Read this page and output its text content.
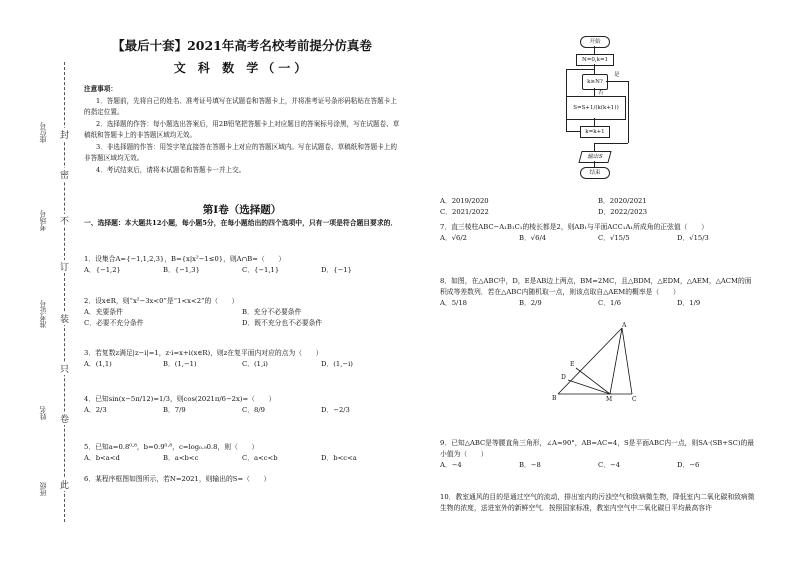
此
卷
只
装
订
不
密
封
座位号
考场号
准考证号
姓名
班级
【最后十套】2021年高考名校考前提分仿真卷
文 科 数 学（一）
注意事项：

1．答题前，先将自己的姓名、准考证号填写在试题卷和答题卡上，并将准考证号条形码粘贴在答题卡上的指定位置。

2．选择题的作答：每小题选出答案后，用2B铅笔把答题卡上对应题目的答案标号涂黑，写在试题卷、草稿纸和答题卡上的非答题区域均无效。

3．非选择题的作答：用签字笔直接答在答题卡上对应的答题区域内。写在试题卷、草稿纸和答题卡上的非答题区域均无效。

4．考试结束后，请将本试题卷和答题卡一并上交。

第Ⅰ卷（选择题）
一、选择题：本大题共12小题，每小题5分，在每小题给出的四个选项中，只有一项是符合题目要求的．
1．设集合A={−1,1,2,3}，B={x|x²−1≤0}，则A∩B=（　　）
A．{−1,2}	B．{−1,3}	C．{−1,1}	D．{−1}
2．设x∈R，则“x²−3x<0”是“1<x<2”的（　　）
A．充要条件	B．充分不必要条件
C．必要不充分条件	D．既不充分也不必要条件
3．若复数z满足|z−i|=1，z·i=x+i(x∈R)，则z在复平面内对应的点为（　　）
A．(1,1)	B．(1,−1)	C．(1,i)	D．(1,−i)
4．已知sin(x−5π/12)=1/3，则cos(2021π/6−2x)=（　　）
A．2/3	B．7/9	C．8/9	D．−2/3
5．已知a=0.8⁰·⁸，b=0.9⁰·⁸，c=log₀.₉0.8，则（　　）
A．b<a<d	B．a<b<c	C．a<c<b	D．b<c<a
6．某程序框图如图所示，若N=2021，则输出的S=（　　）
开始
N=0,k=1
k≥N?
是
否
S=S+1/(k(k+1))
k=k+1
输出S
结束
A．2019/2020	B．2020/2021
C．2021/2022	D．2022/2023
7．直三棱柱ABC−A₁B₁C₁的棱长都是2，则AB₁与平面ACC₁A₁所成角的正弦值（　　）
A．√6/2	B．√6/4	C．√15/5	D．√15/3
8．如图，在△ABC中，D，E是AB边上两点，BM=2MC，且△BDM，△EDM，△AEM，△ACM的面积成等差数列．若在△ABC内随机取一点，则该点取自△AEM的概率是（　　）
A．5/18	B．2/9	C．1/6	D．1/9
9．已知△ABC是等腰直角三角形，∠A=90°，AB=AC=4，S是平面ABC内一点，则SA·(SB+SC)的最小值为（　　）
A．−4	B．−8	C．−4	D．−6
10．教室通风的目的是通过空气的流动，排出室内的污浊空气和致病微生物，降低室内二氧化碳和致病微生物的浓度，送进室外的新鲜空气．按照国家标准，教室内空气中二氧化碳日平均最高容许
A
E
D
B	M	C
